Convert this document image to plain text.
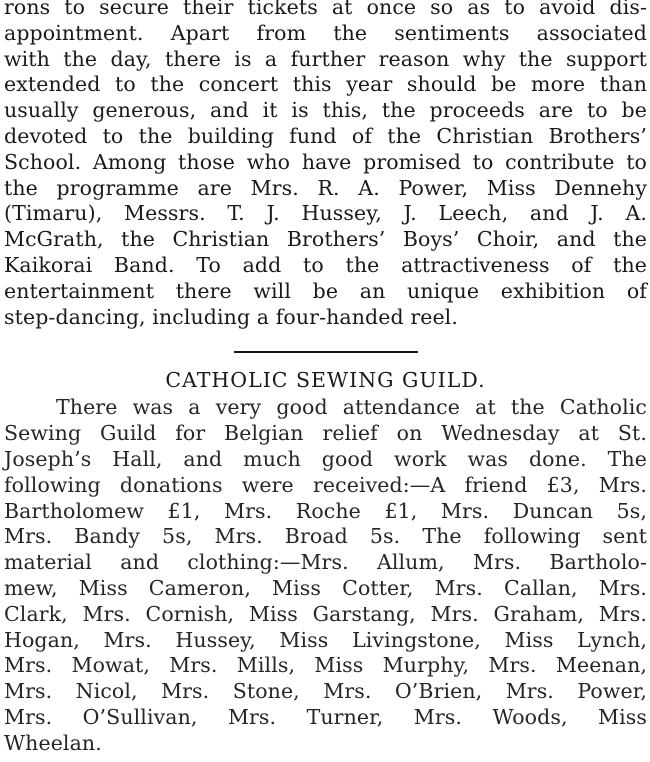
rons to secure their tickets at once so as to avoid dis-
appointment. Apart from the sentiments associated
with the day, there is a further reason why the support
extended to the concert this year should be more than
usually generous, and it is this, the proceeds are to be
devoted to the building fund of the Christian Brothers’
School. Among those who have promised to contribute to
the programme are Mrs. R. A. Power, Miss Dennehy
(Timaru), Messrs. T. J. Hussey, J. Leech, and J. A.
McGrath, the Christian Brothers’ Boys’ Choir, and the
Kaikorai Band. To add to the attractiveness of the
entertainment there will be an unique exhibition of
step-dancing, including a four-handed reel.
CATHOLIC SEWING GUILD.
There was a very good attendance at the Catholic
Sewing Guild for Belgian relief on Wednesday at St.
Joseph’s Hall, and much good work was done. The
following donations were received:—A friend £3, Mrs.
Bartholomew £1, Mrs. Roche £1, Mrs. Duncan 5s,
Mrs. Bandy 5s, Mrs. Broad 5s. The following sent
material and clothing:—Mrs. Allum, Mrs. Bartholo-
mew, Miss Cameron, Miss Cotter, Mrs. Callan, Mrs.
Clark, Mrs. Cornish, Miss Garstang, Mrs. Graham, Mrs.
Hogan, Mrs. Hussey, Miss Livingstone, Miss Lynch,
Mrs. Mowat, Mrs. Mills, Miss Murphy, Mrs. Meenan,
Mrs. Nicol, Mrs. Stone, Mrs. O’Brien, Mrs. Power,
Mrs. O’Sullivan, Mrs. Turner, Mrs. Woods, Miss
Wheelan.
